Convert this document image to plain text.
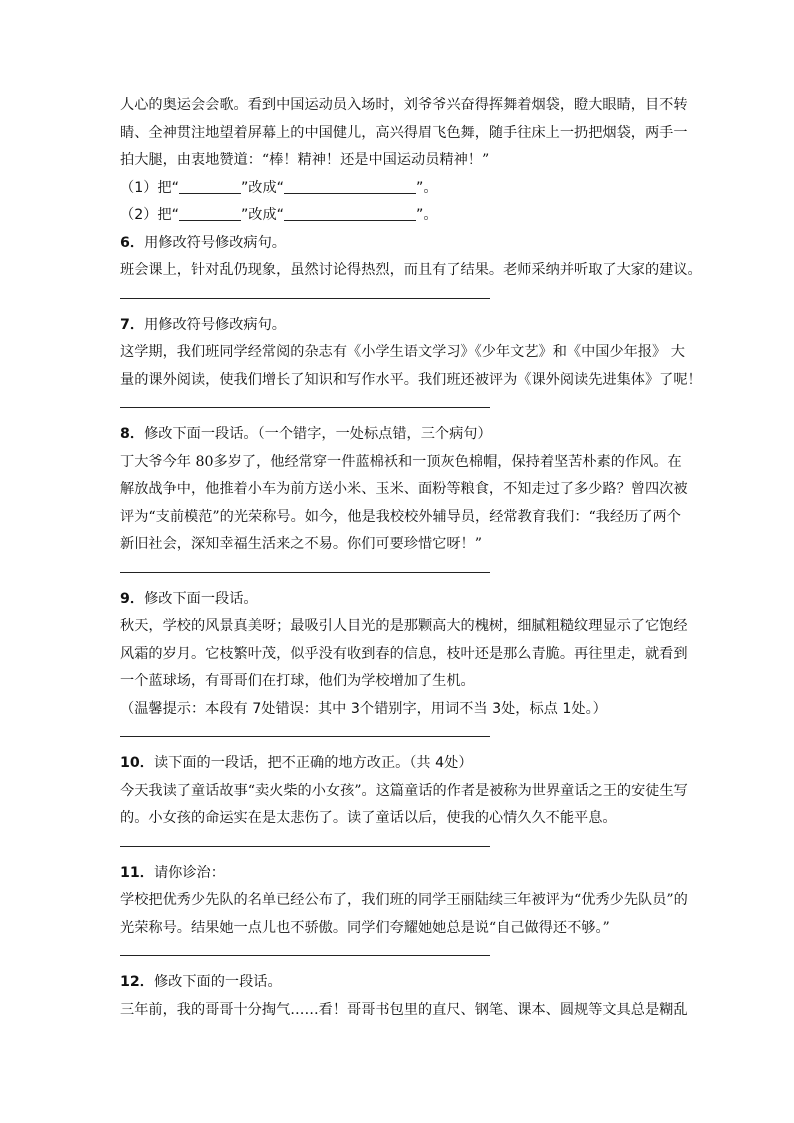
人心的奥运会会歌。看到中国运动员入场时，刘爷爷兴奋得挥舞着烟袋，瞪大眼睛，目不转
睛、全神贯注地望着屏幕上的中国健儿，高兴得眉飞色舞，随手往床上一扔把烟袋，两手一
拍大腿，由衷地赞道：“棒！精神！还是中国运动员精神！”
（1）把“	”改成“	”。
（2）把“	”改成“	”。
6．用修改符号修改病句。
班会课上，针对乱仍现象，虽然讨论得热烈，而且有了结果。老师采纳并听取了大家的建议。
7．用修改符号修改病句。
这学期，我们班同学经常阅的杂志有《小学生语文学习》《少年文艺》和《中国少年报》 大
量的课外阅读，使我们增长了知识和写作水平。我们班还被评为《课外阅读先进集体》了呢！
8．修改下面一段话。（一个错字，一处标点错，三个病句）
丁大爷今年 80多岁了，他经常穿一件蓝棉袄和一顶灰色棉帽，保持着坚苦朴素的作风。在
解放战争中，他推着小车为前方送小米、玉米、面粉等粮食，不知走过了多少路？曾四次被
评为“支前模范”的光荣称号。如今，他是我校校外辅导员，经常教育我们：“我经历了两个
新旧社会，深知幸福生活来之不易。你们可要珍惜它呀！”
9．修改下面一段话。
秋天，学校的风景真美呀；最吸引人目光的是那颗高大的槐树，细腻粗糙纹理显示了它饱经
风霜的岁月。它枝繁叶茂，似乎没有收到春的信息，枝叶还是那么青脆。再往里走，就看到
一个蓝球场，有哥哥们在打球，他们为学校增加了生机。
（温馨提示：本段有 7处错误：其中 3个错别字，用词不当 3处，标点 1处。）
10．读下面的一段话，把不正确的地方改正。（共 4处）
今天我读了童话故事“卖火柴的小女孩”。这篇童话的作者是被称为世界童话之王的安徒生写
的。小女孩的命运实在是太悲伤了。读了童话以后，使我的心情久久不能平息。
11．请你诊治：
学校把优秀少先队的名单已经公布了，我们班的同学王丽陆续三年被评为“优秀少先队员”的
光荣称号。结果她一点儿也不骄傲。同学们夸耀她她总是说“自己做得还不够。”
12．修改下面的一段话。
三年前，我的哥哥十分掏气……看！哥哥书包里的直尺、钢笔、课本、圆规等文具总是糊乱
